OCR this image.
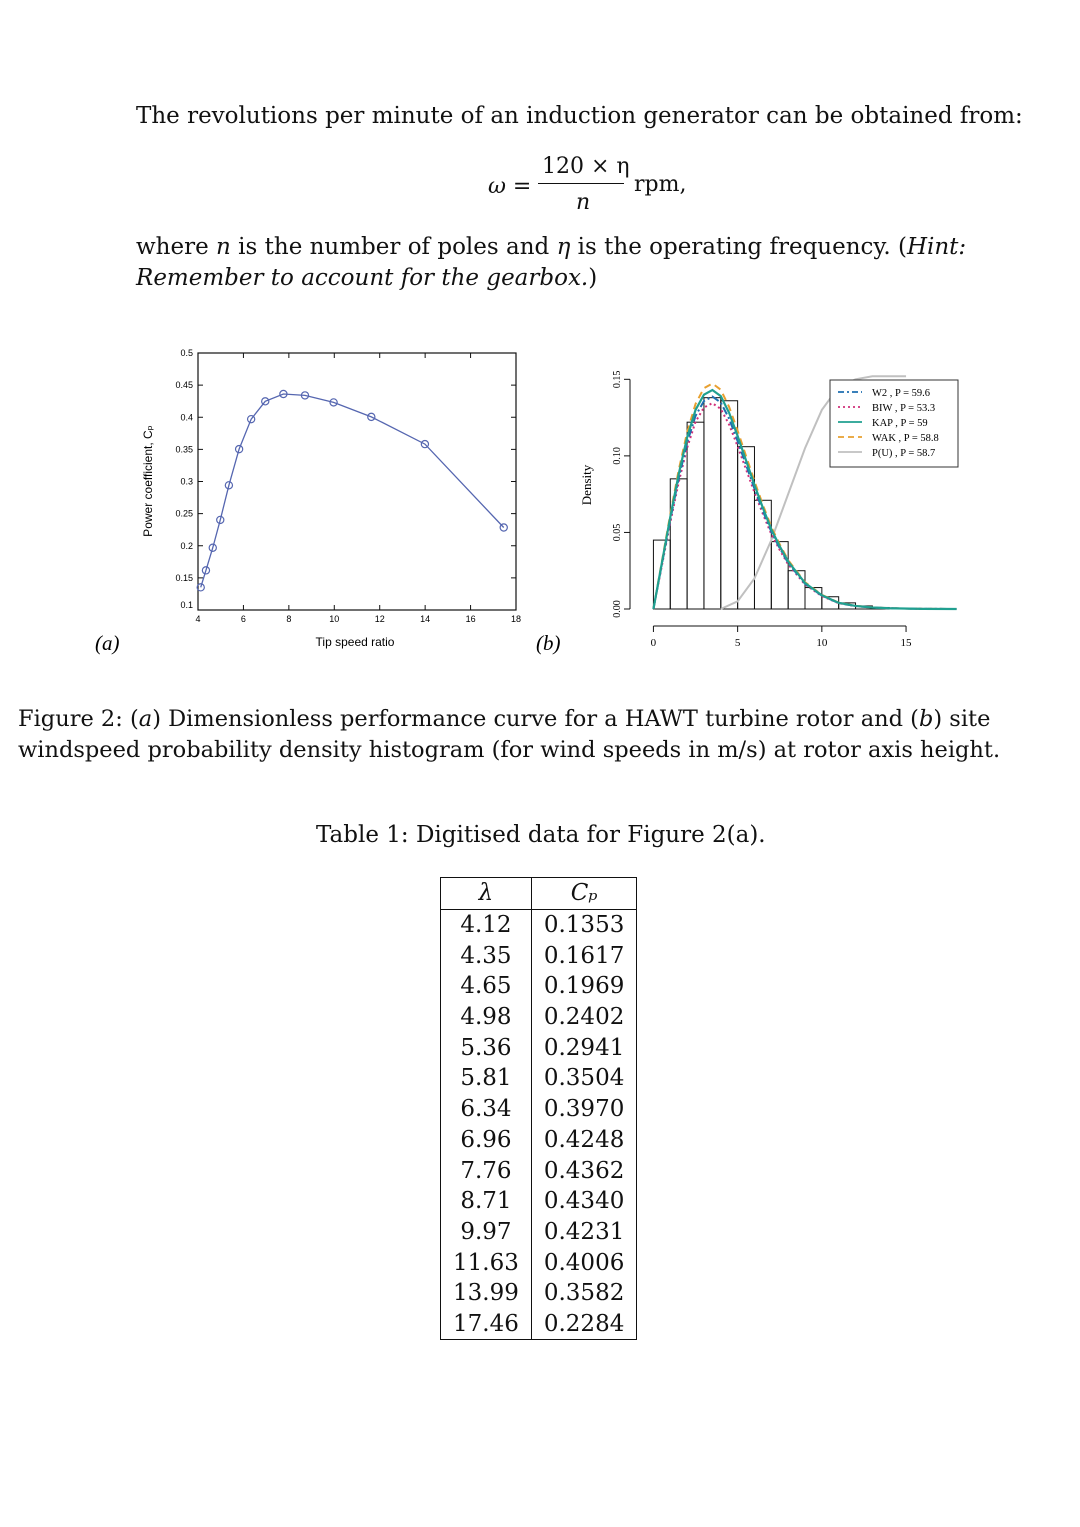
The revolutions per minute of an induction generator can be obtained from:
ω =
120 × η
n
rpm,
where n is the number of poles and η is the operating frequency. (Hint: Remember to account for the gearbox.)
(a)
4	6	8	10	12	14	16	18
0.1
0.15
0.2
0.25
0.3
0.35
0.4
0.45
0.5
Tip speed ratio
Power coefficient, Cₚ
(b)	0	5	10	15
0.00
0.05
0.10
0.15
Density
W2 , P = 59.6
BIW , P = 53.3
KAP , P = 59
WAK , P = 58.8
P(U) , P = 58.7
Figure 2: (a) Dimensionless performance curve for a HAWT turbine rotor and (b) site windspeed probability density histogram (for wind speeds in m/s) at rotor axis height.
Table 1: Digitised data for Figure 2(a).
λ	Cₚ
4.12	0.1353
4.35	0.1617
4.65	0.1969
4.98	0.2402
5.36	0.2941
5.81	0.3504
6.34	0.3970
6.96	0.4248
7.76	0.4362
8.71	0.4340
9.97	0.4231
11.63	0.4006
13.99	0.3582
17.46	0.2284
